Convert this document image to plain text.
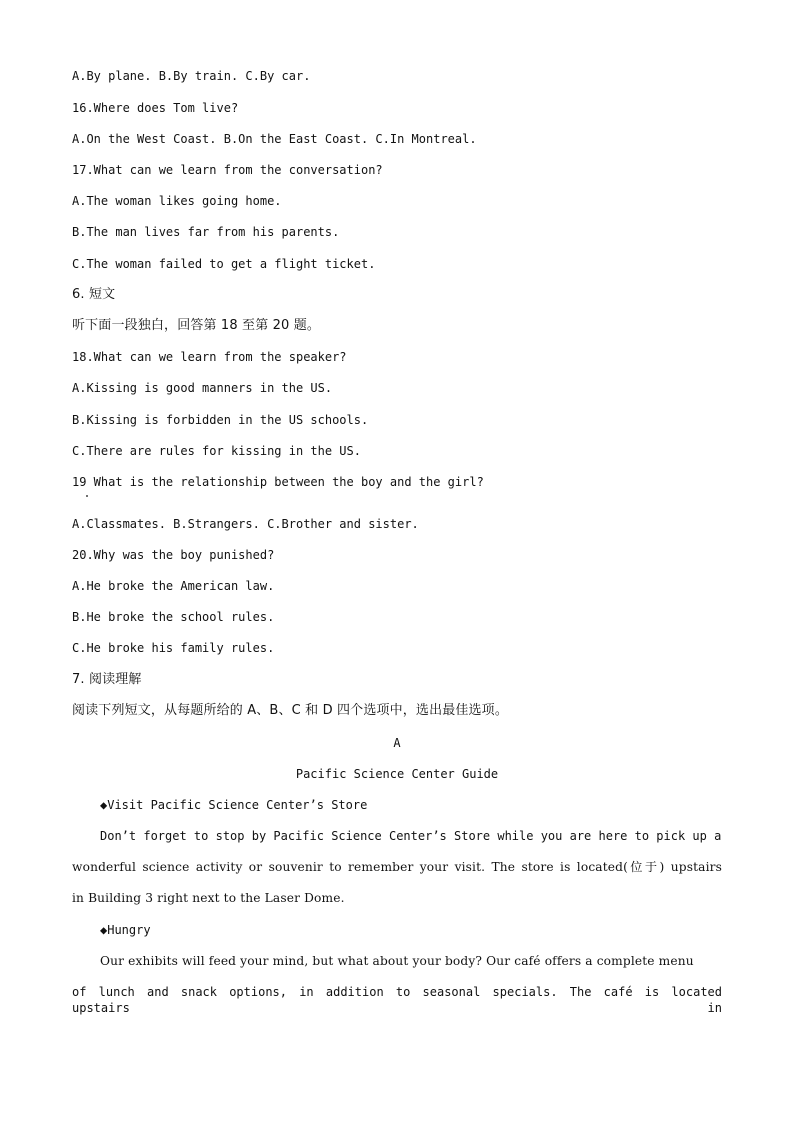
A.By plane. B.By train. C.By car.
16.Where does Tom live?
A.On the West Coast. B.On the East Coast. C.In Montreal.
17.What can we learn from the conversation?
A.The woman likes going home.
B.The man lives far from his parents.
C.The woman failed to get a flight ticket.
6. 短文
听下面一段独白，回答第 18 至第 20 题。
18.What can we learn from the speaker?
A.Kissing is good manners in the US.
B.Kissing is forbidden in the US schools.
C.There are rules for kissing in the US.
19 What is the relationship between the boy and the girl?
A.Classmates. B.Strangers. C.Brother and sister.
20.Why was the boy punished?
A.He broke the American law.
B.He broke the school rules.
C.He broke his family rules.
7. 阅读理解
阅读下列短文，从每题所给的 A、B、C 和 D 四个选项中，选出最佳选项。
A
Pacific Science Center Guide
◆Visit Pacific Science Center’s Store
Don’t forget to stop by Pacific Science Center’s Store while you are here to pick up a
wonderful science activity or souvenir to remember your visit. The store is located(位于) upstairs
in Building 3 right next to the Laser Dome.
◆Hungry
Our exhibits will feed your mind, but what about your body? Our café offers a complete menu
of lunch and snack options, in addition to seasonal specials. The café is located upstairs in
